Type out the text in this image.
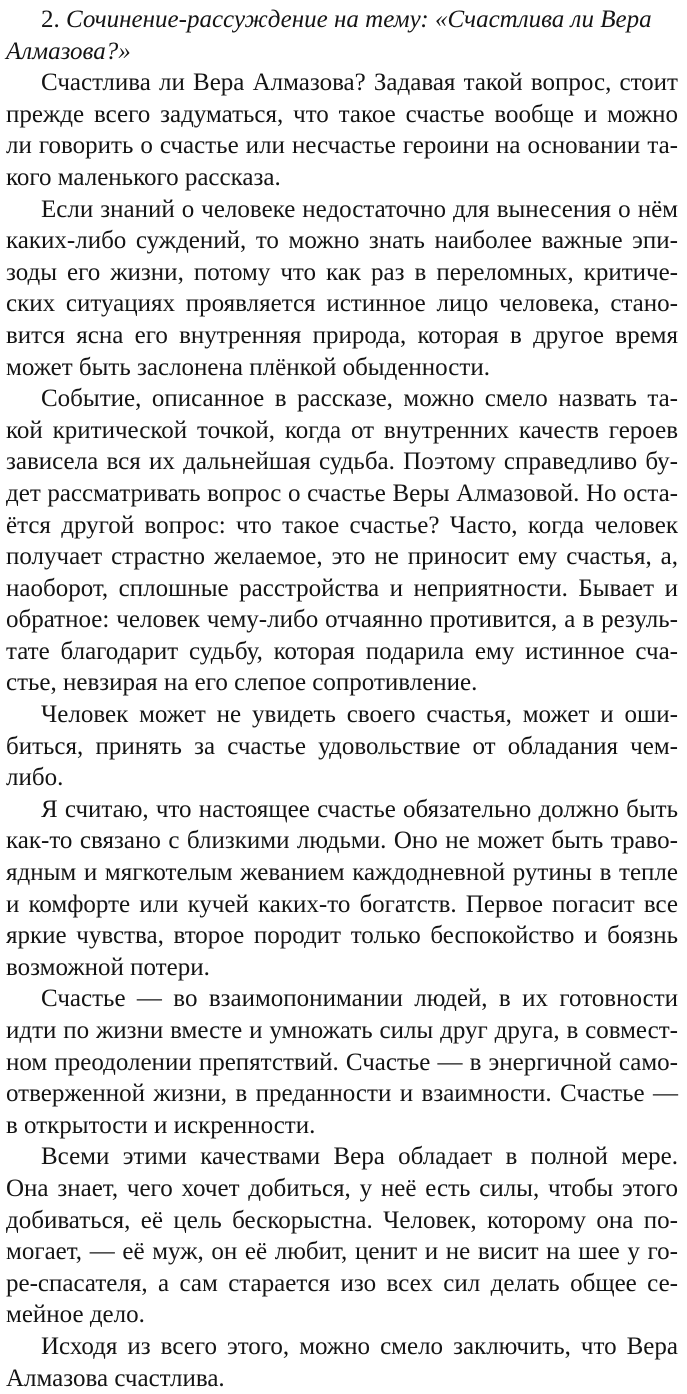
2. Сочинение-рассуждение на тему: «Счастлива ли Вера
Алмазова?»
Счастлива ли Вера Алмазова? Задавая такой вопрос, стоит
прежде всего задуматься, что такое счастье вообще и можно
ли говорить о счастье или несчастье героини на основании та-
кого маленького рассказа.
Если знаний о человеке недостаточно для вынесения о нём
каких-либо суждений, то можно знать наиболее важные эпи-
зоды его жизни, потому что как раз в переломных, критиче-
ских ситуациях проявляется истинное лицо человека, стано-
вится ясна его внутренняя природа, которая в другое время
может быть заслонена плёнкой обыденности.
Событие, описанное в рассказе, можно смело назвать та-
кой критической точкой, когда от внутренних качеств героев
зависела вся их дальнейшая судьба. Поэтому справедливо бу-
дет рассматривать вопрос о счастье Веры Алмазовой. Но оста-
ётся другой вопрос: что такое счастье? Часто, когда человек
получает страстно желаемое, это не приносит ему счастья, а,
наоборот, сплошные расстройства и неприятности. Бывает и
обратное: человек чему-либо отчаянно противится, а в резуль-
тате благодарит судьбу, которая подарила ему истинное сча-
стье, невзирая на его слепое сопротивление.
Человек может не увидеть своего счастья, может и оши-
биться, принять за счастье удовольствие от обладания чем-
либо.
Я считаю, что настоящее счастье обязательно должно быть
как-то связано с близкими людьми. Оно не может быть траво-
ядным и мягкотелым жеванием каждодневной рутины в тепле
и комфорте или кучей каких-то богатств. Первое погасит все
яркие чувства, второе породит только беспокойство и боязнь
возможной потери.
Счастье — во взаимопонимании людей, в их готовности
идти по жизни вместе и умножать силы друг друга, в совмест-
ном преодолении препятствий. Счастье — в энергичной само-
отверженной жизни, в преданности и взаимности. Счастье —
в открытости и искренности.
Всеми этими качествами Вера обладает в полной мере.
Она знает, чего хочет добиться, у неё есть силы, чтобы этого
добиваться, её цель бескорыстна. Человек, которому она по-
могает, — её муж, он её любит, ценит и не висит на шее у го-
ре-спасателя, а сам старается изо всех сил делать общее се-
мейное дело.
Исходя из всего этого, можно смело заключить, что Вера
Алмазова счастлива.
